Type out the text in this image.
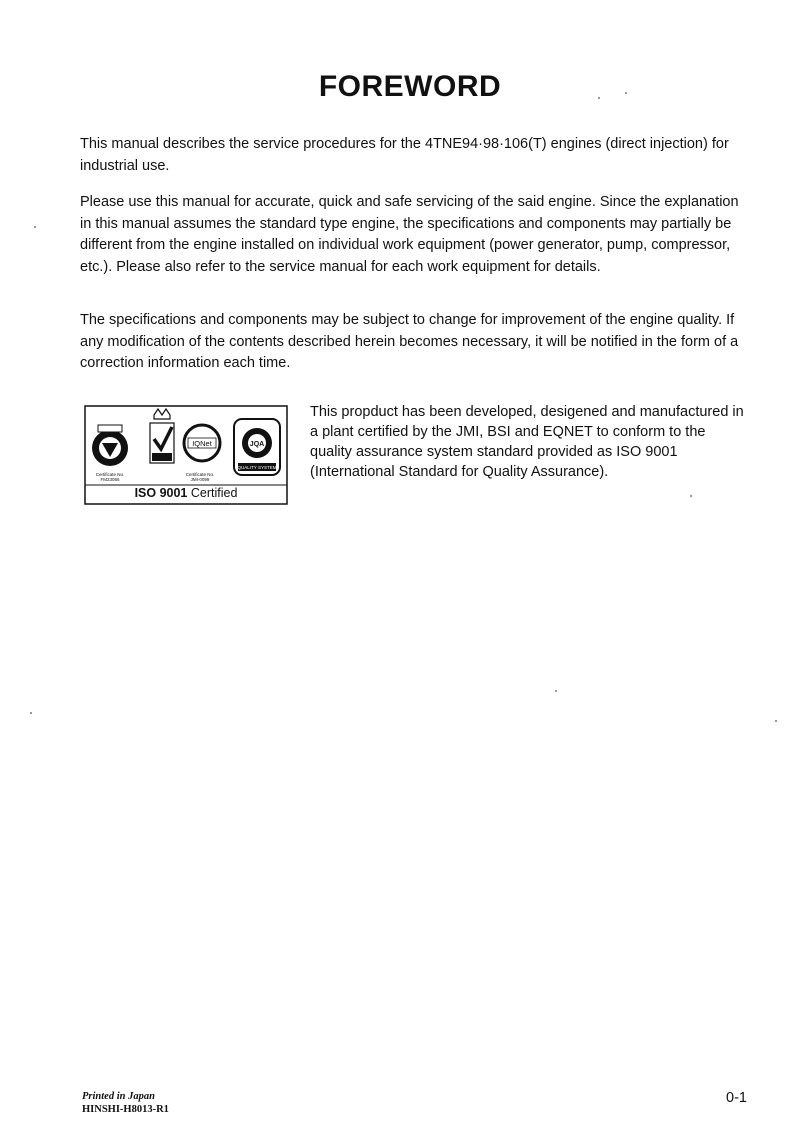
FOREWORD

This manual describes the service procedures for the 4TNE94·98·106(T) engines (direct injection) for industrial use.

Please use this manual for accurate, quick and safe servicing of the said engine. Since the explanation in this manual assumes the standard type engine, the specifications and components may partially be different from the engine installed on individual work equipment (power generator, pump, compressor, etc.). Please also refer to the service manual for each work equipment for details.

The specifications and components may be subject to change for improvement of the engine quality. If any modification of the contents described herein becomes necessary, it will be notified in the form of a correction information each time.

IQNet	JQA
QUALITY SYSTEM
Certificate No.
FM23056
Certificate No.
JMI-0099
ISO 9001 Certified

This propduct has been developed, desigened and manufactured in a plant certified by the JMI, BSI and EQNET to conform to the quality assurance system standard provided as ISO 9001 (International Standard for Quality Assurance).

Printed in Japan
HINSHI-H8013-R1
0-1
